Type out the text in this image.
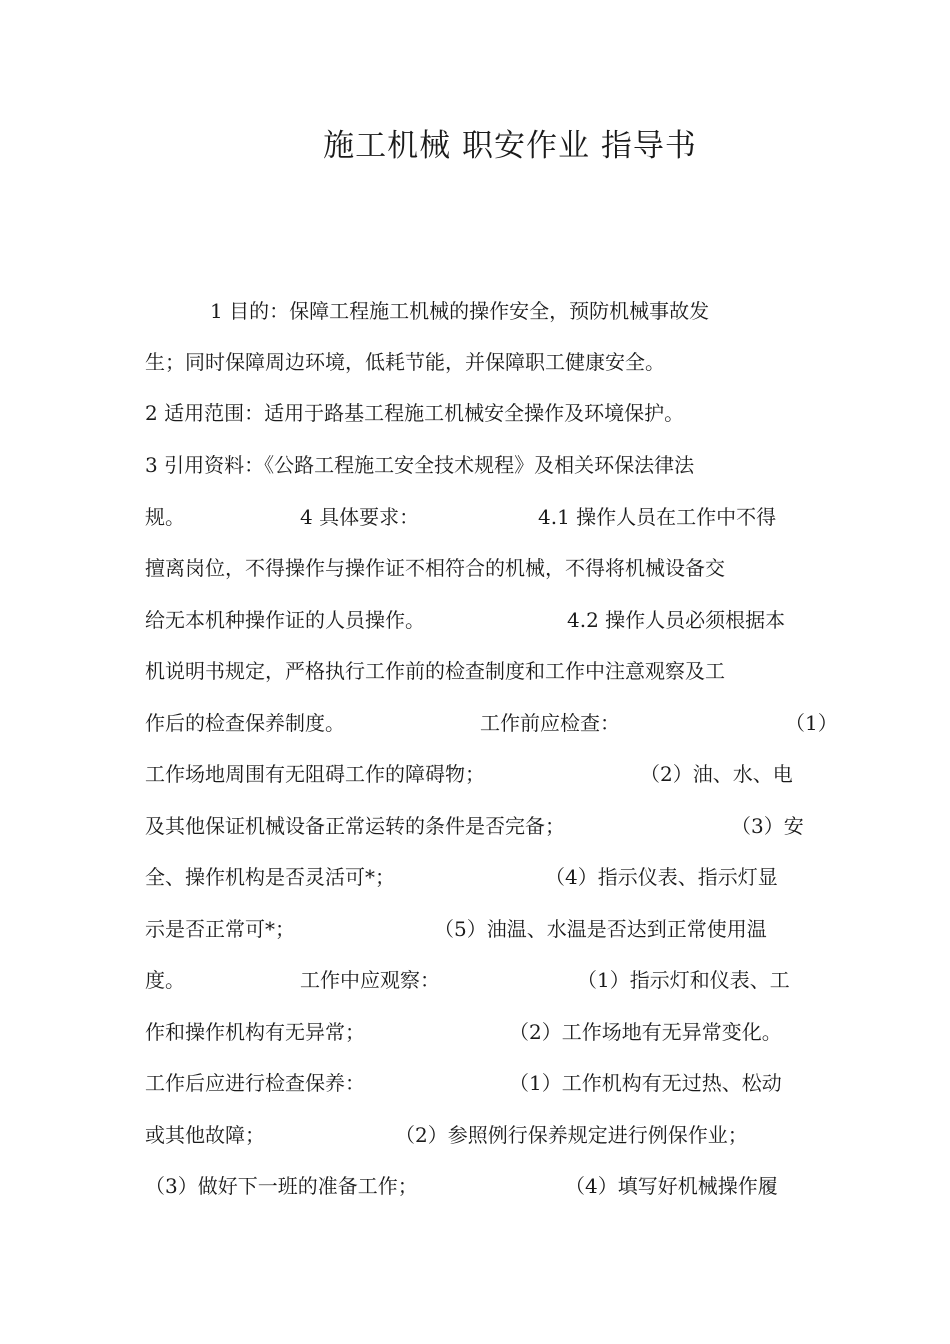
施工机械 职安作业 指导书
1 目的：保障工程施工机械的操作安全，预防机械事故发
生；同时保障周边环境，低耗节能，并保障职工健康安全。
2 适用范围：适用于路基工程施工机械安全操作及环境保护。
3 引用资料：《公路工程施工安全技术规程》及相关环保法律法
规。	4 具体要求：	4.1 操作人员在工作中不得
擅离岗位，不得操作与操作证不相符合的机械，不得将机械设备交
给无本机种操作证的人员操作。	4.2 操作人员必须根据本
机说明书规定，严格执行工作前的检查制度和工作中注意观察及工
作后的检查保养制度。	工作前应检查：	（1）
工作场地周围有无阻碍工作的障碍物；	（2）油、水、电
及其他保证机械设备正常运转的条件是否完备；	（3）安
全、操作机构是否灵活可*；	（4）指示仪表、指示灯显
示是否正常可*；	（5）油温、水温是否达到正常使用温
度。	工作中应观察：	（1）指示灯和仪表、工
作和操作机构有无异常；	（2）工作场地有无异常变化。
工作后应进行检查保养：	（1）工作机构有无过热、松动
或其他故障；	（2）参照例行保养规定进行例保作业；
（3）做好下一班的准备工作；	（4）填写好机械操作履
